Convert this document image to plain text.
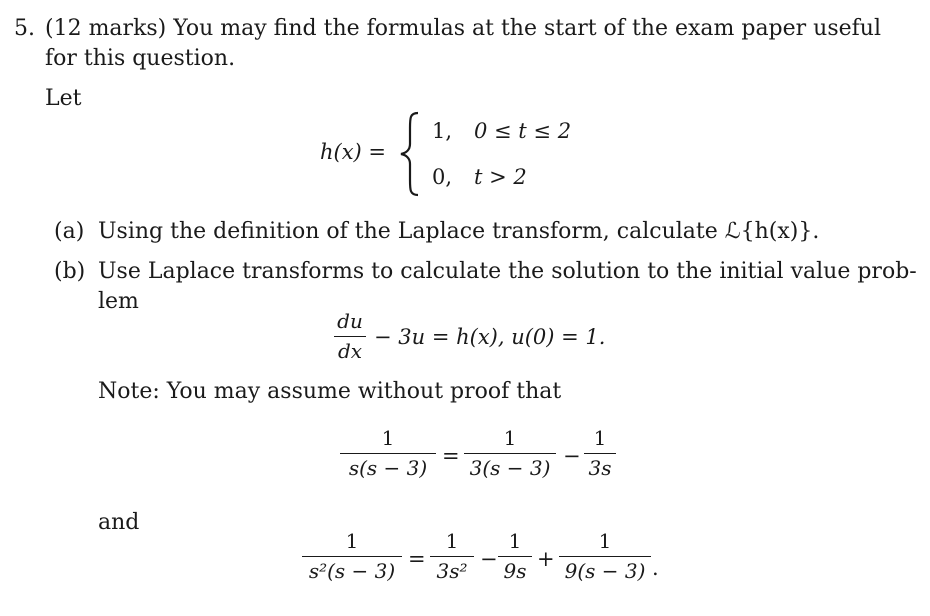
5. (12 marks) You may find the formulas at the start of the exam paper useful
for this question.
Let
h(x) =
1, 0 ≤ t ≤ 2
0, t > 2
(a) Using the definition of the Laplace transform, calculate ℒ{h(x)}.
(b) Use Laplace transforms to calculate the solution to the initial value prob-
lem
du
dx
− 3u = h(x), u(0) = 1.
Note: You may assume without proof that
1
s(s − 3)
=
1
3(s − 3)
−
1
3s
and
1
s²(s − 3)
=
1
3s²
−
1
9s
+
1
9(s − 3) .
